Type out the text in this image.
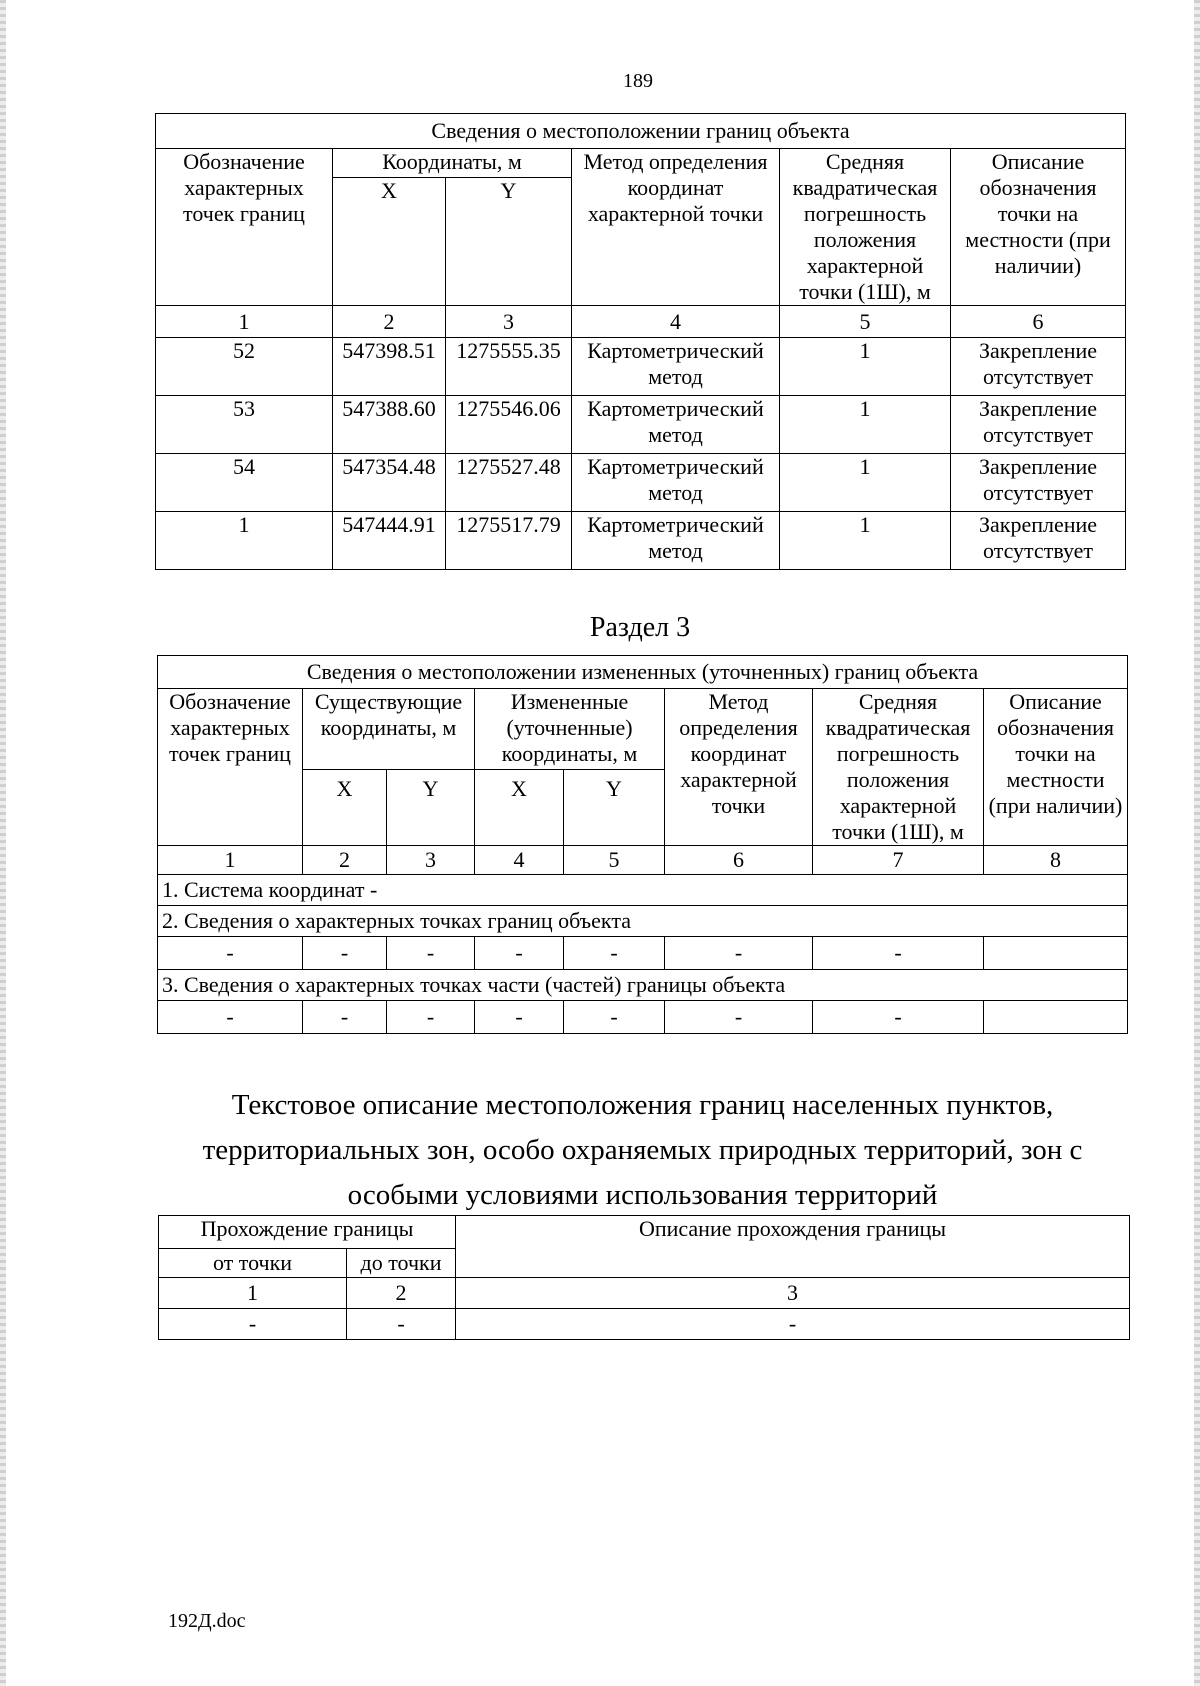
189
Сведения о местоположении границ объекта					
Обозначение характерных точек границ	Координаты, м		Метод определения координат характерной точки	Средняя квадратическая погрешность положения характерной точки (1Ш), м	Описание обозначения точки на местности (при наличии)
	X	Y			
1	2	3	4	5	6
52	547398.51	1275555.35	Картометрический метод	1	Закрепление отсутствует
53	547388.60	1275546.06	Картометрический метод	1	Закрепление отсутствует
54	547354.48	1275527.48	Картометрический метод	1	Закрепление отсутствует
1	547444.91	1275517.79	Картометрический метод	1	Закрепление отсутствует
Раздел 3
Сведения о местоположении измененных (уточненных) границ объекта							
Обозначение характерных точек границ	Существующие координаты, м		Измененные (уточненные) координаты, м		Метод определения координат характерной точки	Средняя квадратическая погрешность положения характерной точки (1Ш), м	Описание обозначения точки на местности (при наличии)
	X	Y	X	Y			
1	2	3	4	5	6	7	8
1. Система координат -							
2. Сведения о характерных точках границ объекта							
-	-	-	-	-	-	-	
3. Сведения о характерных точках части (частей) границы объекта							
-	-	-	-	-	-	-	
Текстовое описание местоположения границ населенных пунктов, территориальных зон, особо охраняемых природных территорий, зон с особыми условиями использования территорий
Прохождение границы		Описание прохождения границы
от точки	до точки	
1	2	3
-	-	-
192Д.doc
